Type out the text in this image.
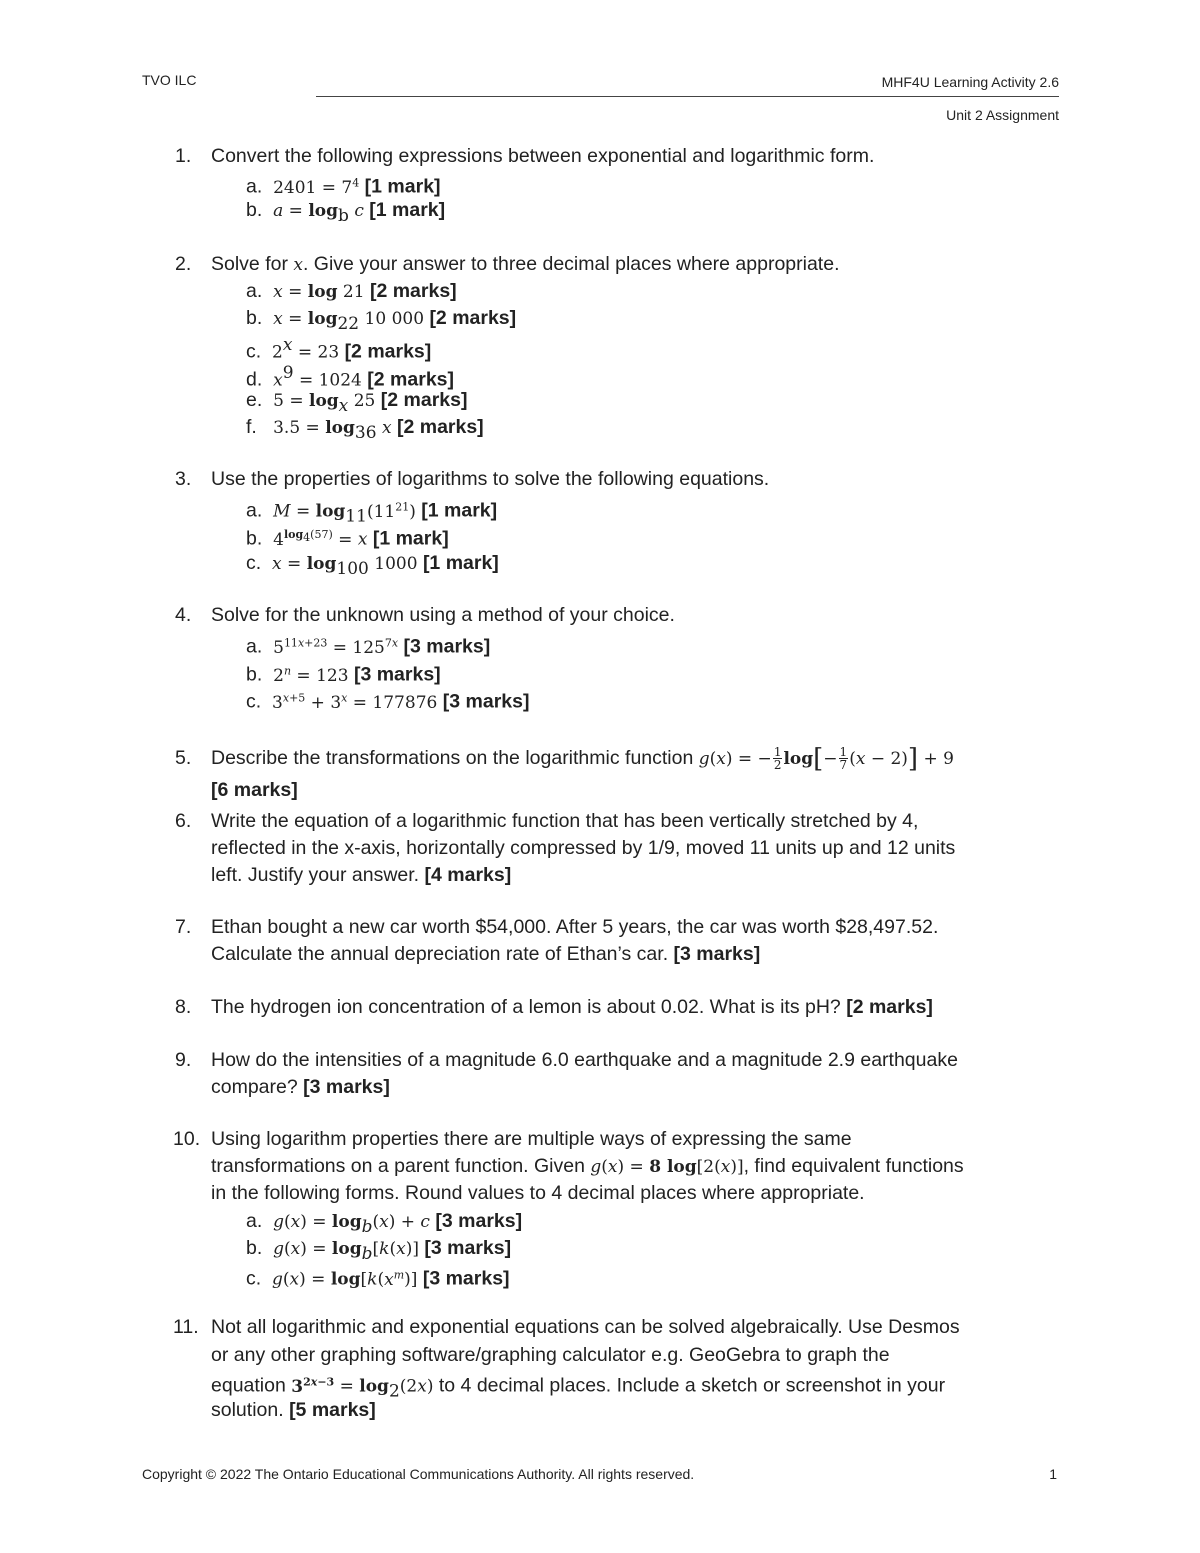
TVO ILC	MHF4U Learning Activity 2.6
Unit 2 Assignment
1. Convert the following expressions between exponential and logarithmic form.
a. $2401 = 7^4$ [1 mark]
b. $a = \log_b c$ [1 mark]
2. Solve for x. Give your answer to three decimal places where appropriate.
a. x = log 21 [2 marks]
b. $x = \log_{22} 10$ 000 [2 marks]
c. $2^x = 23$ [2 marks]
d. $x^9 = 1024$ [2 marks]
e. $5 = \log_x 25$ [2 marks]
f. $3.5 = \log_{36} x$ [2 marks]
3. Use the properties of logarithms to solve the following equations.
a. $M = \log_{11}(11^{21})$ [1 mark]
b. $4^{log_4(57)} = x$ [1 mark]
c. $x = \log_{100} 1000$ [1 mark]
4. Solve for the unknown using a method of your choice.
a. $5^{11x+23} = 125^{7x}$ [3 marks]
b. $2^n = 123$ [3 marks]
c. $3^{x+5} + 3^x = 177876$ [3 marks]
5. Describe the transformations on the logarithmic function g(x) = − $\frac{1}{2} \log[- \frac{1}{7} (x - 2)] + 9$
[6 marks]
6. Write the equation of a logarithmic function that has been vertically stretched by 4,
reflected in the x-axis, horizontally compressed by 1/9, moved 11 units up and 12 units
left. Justify your answer. [4 marks]
7. Ethan bought a new car worth $54,000. After 5 years, the car was worth $28,497.52.
Calculate the annual depreciation rate of Ethan’s car. [3 marks]
8. The hydrogen ion concentration of a lemon is about 0.02. What is its pH? [2 marks]
9. How do the intensities of a magnitude 6.0 earthquake and a magnitude 2.9 earthquake
compare? [3 marks]
10. Using logarithm properties there are multiple ways of expressing the same
transformations on a parent function. Given g(x) = 8 log[2(x)], find equivalent functions
in the following forms. Round values to 4 decimal places where appropriate.
a. $g(x) = \log_b(x) + c$ [3 marks]
b. $g(x) = \log_b[k(x)]$ [3 marks]
c. $g(x) = \log[k(x^m)]$ [3 marks]
11. Not all logarithmic and exponential equations can be solved algebraically. Use Desmos
or any other graphing software/graphing calculator e.g. GeoGebra to graph the
equation $3^{2x-3} = \log_2(2x)$ to 4 decimal places. Include a sketch or screenshot in your
solution. [5 marks]
Copyright © 2022 The Ontario Educational Communications Authority. All rights reserved.	1
